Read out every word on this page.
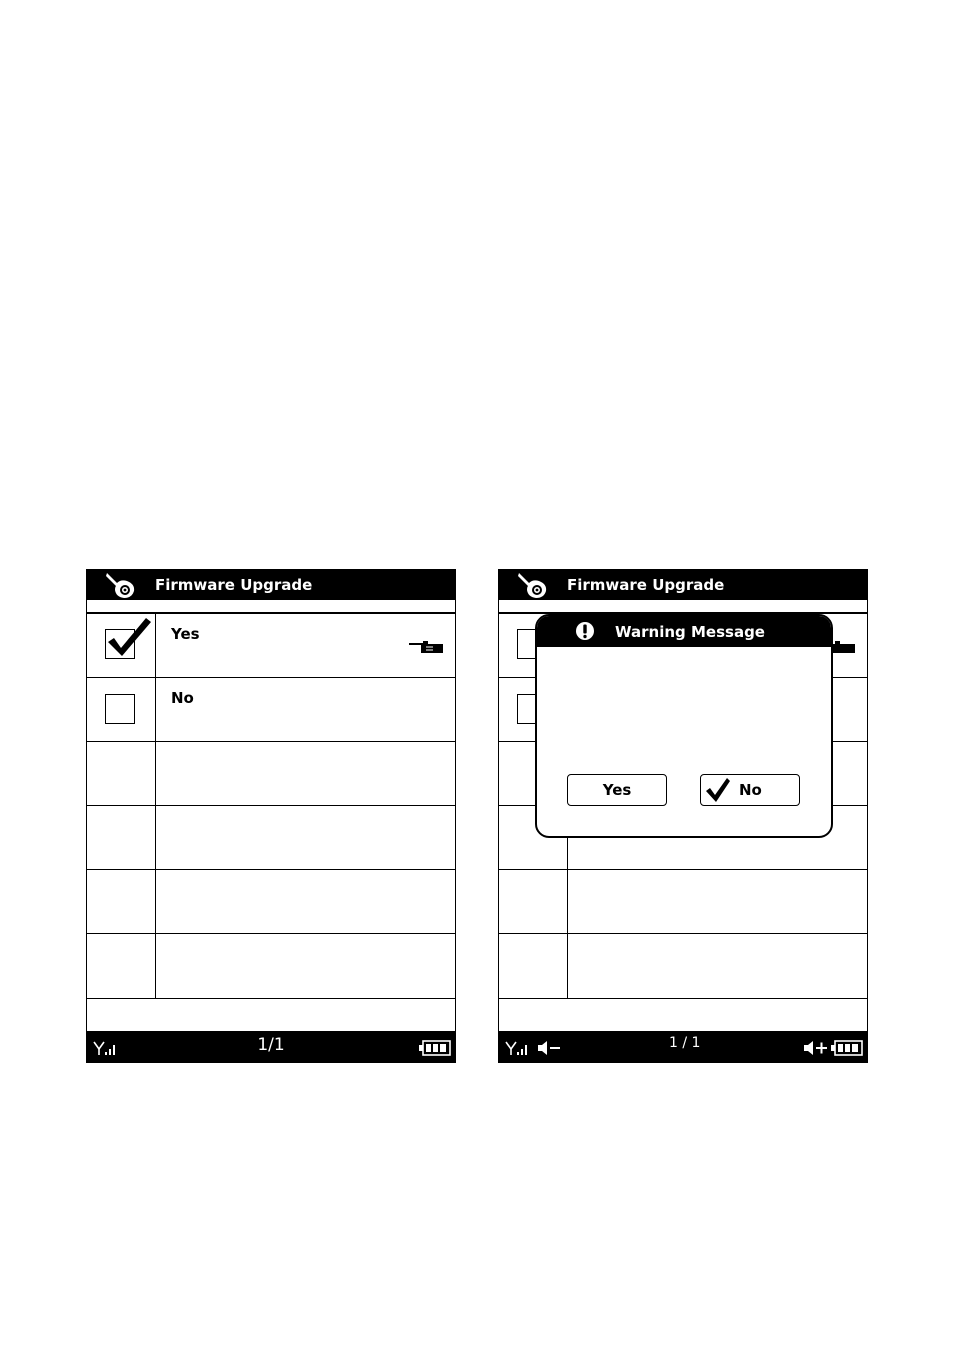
Firmware Upgrade
Yes
No
1/1
Firmware Upgrade
Warning Message
Yes	No
1 / 1
